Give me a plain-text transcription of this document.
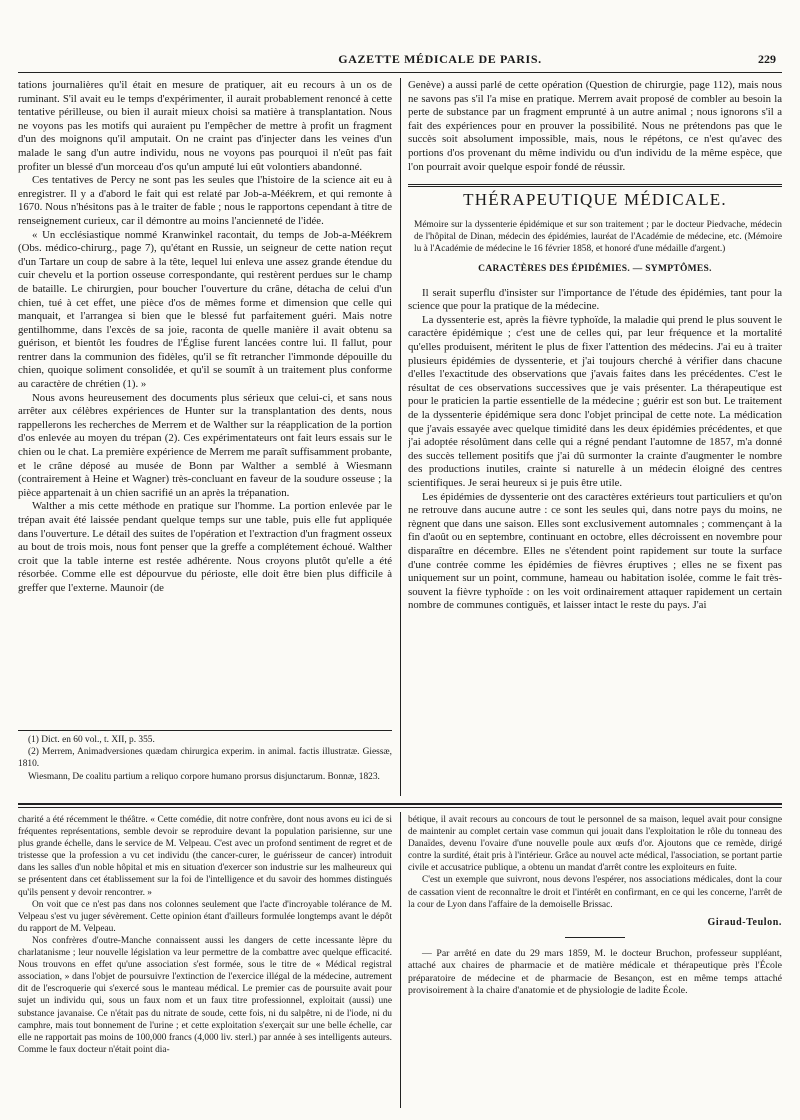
GAZETTE MÉDICALE DE PARIS.	229

tations journalières qu'il était en mesure de pratiquer, ait eu recours à un os de ruminant. S'il avait eu le temps d'expérimenter, il aurait probablement renoncé à cette tentative périlleuse, ou bien il aurait mieux choisi sa matière à transplantation. Nous ne voyons pas les motifs qui auraient pu l'empêcher de mettre à profit un fragment d'un des moignons qu'il amputait. On ne craint pas d'injecter dans les veines d'un malade le sang d'un autre individu, nous ne voyons pas pourquoi il n'eût pas fait profiter un blessé d'un morceau d'os qu'un amputé lui eût volontiers abandonné.

Ces tentatives de Percy ne sont pas les seules que l'histoire de la science ait eu à enregistrer. Il y a d'abord le fait qui est relaté par Job-a-Méékrem, et qui remonte à 1670. Nous n'hésitons pas à le traiter de fable ; nous le rapportons cependant à titre de renseignement curieux, car il démontre au moins l'ancienneté de l'idée.

« Un ecclésiastique nommé Kranwinkel racontait, du temps de Job-a-Méékrem (Obs. médico-chirurg., page 7), qu'étant en Russie, un seigneur de cette nation reçut d'un Tartare un coup de sabre à la tête, lequel lui enleva une assez grande étendue du cuir chevelu et la portion osseuse correspondante, qui restèrent perdues sur le champ de bataille. Le chirurgien, pour boucher l'ouverture du crâne, détacha de celui d'un chien, tué à cet effet, une pièce d'os de mêmes forme et dimension que celle qui manquait, et l'arrangea si bien que le blessé fut parfaitement guéri. Mais notre gentilhomme, dans l'excès de sa joie, raconta de quelle manière il avait obtenu sa guérison, et bientôt les foudres de l'Église furent lancées contre lui. Il fallut, pour rentrer dans la communion des fidèles, qu'il se fît retrancher l'immonde dépouille du chien, quoique soliment consolidée, et qu'il se soumît à un traitement plus conforme au caractère de chrétien (1). »

Nous avons heureusement des documents plus sérieux que celui-ci, et sans nous arrêter aux célèbres expériences de Hunter sur la transplantation des dents, nous rappellerons les recherches de Merrem et de Walther sur la réapplication de la portion d'os enlevée au moyen du trépan (2). Ces expérimentateurs ont fait leurs essais sur le chien ou le chat. La première expérience de Merrem me paraît suffisamment probante, et le crâne déposé au musée de Bonn par Walther a semblé à Wiesmann (contrairement à Heine et Wagner) très-concluant en faveur de la soudure osseuse ; la pièce appartenait à un chien sacrifié un an après la trépanation.

Walther a mis cette méthode en pratique sur l'homme. La portion enlevée par le trépan avait été laissée pendant quelque temps sur une table, puis elle fut appliquée dans l'ouverture. Le détail des suites de l'opération et l'extraction d'un fragment osseux au bout de trois mois, nous font penser que la greffe a complétement échoué. Walther croit que la table interne est restée adhérente. Nous croyons plutôt qu'elle a été résorbée. Comme elle est dépourvue du périoste, elle doit être bien plus difficile à greffer que l'externe. Maunoir (de

(1) Dict. en 60 vol., t. XII, p. 355.

(2) Merrem, Animadversiones quædam chirurgica experim. in animal. factis illustratæ. Giessæ, 1810.

Wiesmann, De coalitu partium a reliquo corpore humano prorsus disjunctarum. Bonnæ, 1823.

Genève) a aussi parlé de cette opération (Question de chirurgie, page 112), mais nous ne savons pas s'il l'a mise en pratique. Merrem avait proposé de combler au besoin la perte de substance par un fragment emprunté à un autre animal ; nous ignorons s'il a fait des expériences pour en prouver la possibilité. Nous ne prétendons pas que le succès soit absolument impossible, mais, nous le répétons, ce n'est qu'avec des portions d'os provenant du même individu ou d'un individu de la même espèce, que l'on pourrait avoir quelque espoir fondé de réussir.

THÉRAPEUTIQUE MÉDICALE.

Mémoire sur la dyssenterie épidémique et sur son traitement ; par le docteur Piedvache, médecin de l'hôpital de Dinan, médecin des épidémies, lauréat de l'Académie de médecine, etc. (Mémoire lu à l'Académie de médecine le 16 février 1858, et honoré d'une médaille d'argent.)

CARACTÈRES DES ÉPIDÉMIES. — SYMPTÔMES.

Il serait superflu d'insister sur l'importance de l'étude des épidémies, tant pour la science que pour la pratique de la médecine.

La dyssenterie est, après la fièvre typhoïde, la maladie qui prend le plus souvent le caractère épidémique ; c'est une de celles qui, par leur fréquence et la mortalité qu'elles produisent, méritent le plus de fixer l'attention des médecins. J'ai eu à traiter plusieurs épidémies de dyssenterie, et j'ai toujours cherché à vérifier dans chacune d'elles l'exactitude des observations que j'avais faites dans les précédentes. C'est le résultat de ces observations successives que je vais présenter. La thérapeutique est pour le praticien la partie essentielle de la médecine ; guérir est son but. Le traitement de la dyssenterie épidémique sera donc l'objet principal de cette note. La médication que j'avais essayée avec quelque timidité dans les deux épidémies précédentes, et que j'ai adoptée résolûment dans celle qui a régné pendant l'automne de 1857, m'a donné des succès tellement positifs que j'ai dû surmonter la crainte d'augmenter le nombre des productions inutiles, crainte si naturelle à un médecin éloigné des centres scientifiques. Je serai heureux si je puis être utile.

Les épidémies de dyssenterie ont des caractères extérieurs tout particuliers et qu'on ne retrouve dans aucune autre : ce sont les seules qui, dans notre pays du moins, ne règnent que dans une saison. Elles sont exclusivement automnales ; commençant à la fin d'août ou en septembre, continuant en octobre, elles décroissent en novembre pour disparaître en décembre. Elles ne s'étendent point rapidement sur toute la surface d'une contrée comme les épidémies de fièvres éruptives ; elles ne se fixent pas uniquement sur un point, commune, hameau ou habitation isolée, comme le fait très-souvent la fièvre typhoïde : on les voit ordinairement attaquer rapidement un certain nombre de communes contiguës, et laisser intact le reste du pays. J'ai

charité a été récemment le théâtre. « Cette comédie, dit notre confrère, dont nous avons eu ici de si fréquentes représentations, semble devoir se reproduire devant la population parisienne, sur une plus grande échelle, dans le service de M. Velpeau. C'est avec un profond sentiment de regret et de tristesse que la profession a vu cet individu (the cancer-curer, le guérisseur de cancer) introduit dans les salles d'un noble hôpital et mis en situation d'exercer son industrie sur les malheureux qui se présentent dans cet établissement sur la foi de l'intelligence et du savoir des hommes distingués qu'ils pensent y devoir rencontrer. »

On voit que ce n'est pas dans nos colonnes seulement que l'acte d'incroyable tolérance de M. Velpeau s'est vu juger sévèrement. Cette opinion étant d'ailleurs formulée longtemps avant le dépôt du rapport de M. Velpeau.

Nos confrères d'outre-Manche connaissent aussi les dangers de cette incessante lèpre du charlatanisme ; leur nouvelle législation va leur permettre de la combattre avec quelque efficacité. Nous trouvons en effet qu'une association s'est formée, sous le titre de « Médical registral association, » dans l'objet de poursuivre l'extinction de l'exercice illégal de la médecine, autrement dit de l'escroquerie qui s'exercé sous le manteau médical. Le premier cas de poursuite avait pour sujet un individu qui, sous un faux nom et un faux titre professionnel, exploitait (aussi) une substance javanaise. Ce n'était pas du nitrate de soude, cette fois, ni du salpêtre, ni de l'iode, ni du camphre, mais tout bonnement de l'urine ; et cette exploitation s'exerçait sur une belle échelle, car elle ne rapportait pas moins de 100,000 francs (4,000 liv. sterl.) par année à ses intelligents auteurs. Comme le faux docteur n'était point dia-

bétique, il avait recours au concours de tout le personnel de sa maison, lequel avait pour consigne de maintenir au complet certain vase commun qui jouait dans l'exploitation le rôle du tonneau des Danaïdes, devenu l'ovaire d'une nouvelle poule aux œufs d'or. Ajoutons que ce remède, dirigé contre la surdité, était pris à l'intérieur. Grâce au nouvel acte médical, l'association, se portant partie civile et accusatrice publique, a obtenu un mandat d'arrêt contre les exploiteurs en fuite.

C'est un exemple que suivront, nous devons l'espérer, nos associations médicales, dont la cour de cassation vient de reconnaître le droit et l'intérêt en confirmant, en ce qui les concerne, l'arrêt de la cour de Lyon dans l'affaire de la demoiselle Brissac.

Giraud-Teulon.

— Par arrêté en date du 29 mars 1859, M. le docteur Bruchon, professeur suppléant, attaché aux chaires de pharmacie et de matière médicale et thérapeutique près l'École préparatoire de médecine et de pharmacie de Besançon, est en même temps attaché provisoirement à la chaire d'anatomie et de physiologie de ladite École.
